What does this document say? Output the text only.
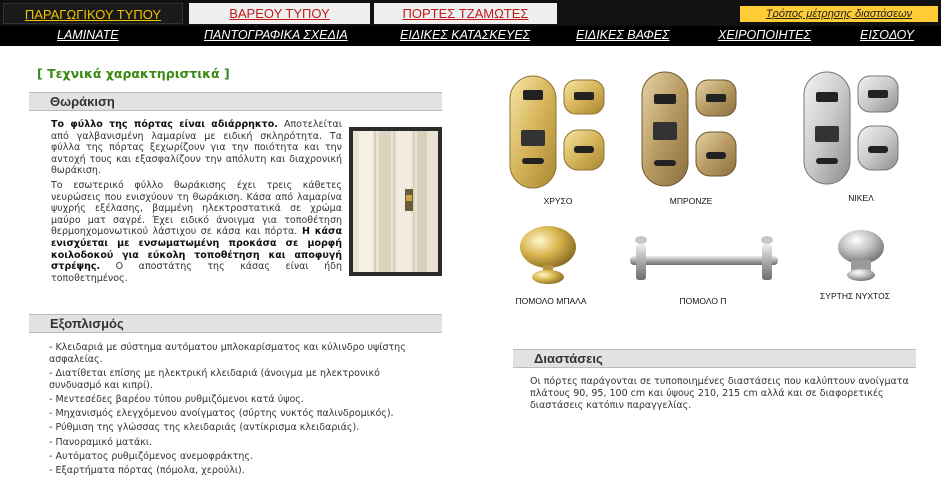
ΠΑΡΑΓΩΓΙΚΟΥ ΤΥΠΟΥ	ΒΑΡΕΟΥ ΤΥΠΟΥ	ΠΟΡΤΕΣ ΤΖΑΜΩΤΕΣ	Τρόπος μέτρησης διαστάσεων
LAMINATE	ΠΑΝΤΟΓΡΑΦΙΚΑ ΣΧΕΔΙΑ	ΕΙΔΙΚΕΣ ΚΑΤΑΣΚΕΥΕΣ	ΕΙΔΙΚΕΣ ΒΑΦΕΣ	ΧΕΙΡΟΠΟΙΗΤΕΣ	ΕΙΣΟΔΟΥ
[ Τεχνικά χαρακτηριστικά ]
Θωράκιση
Το φύλλο της πόρτας είναι αδιάρρηκτο. Αποτελείται από γαλβανισμένη λαμαρίνα με ειδική σκληρότητα. Τα φύλλα της πόρτας ξεχωρίζουν για την ποιότητα και την αντοχή τους και εξασφαλίζουν την απόλυτη και διαχρονική θωράκιση.
Το εσωτερικό φύλλο θωράκισης έχει τρεις κάθετες νευρώσεις που ενισχύουν τη θωράκιση. Κάσα από λαμαρίνα ψυχρής εξέλασης, βαμμένη ηλεκτροστατικά σε χρώμα μαύρο ματ σαγρέ. Έχει ειδικό άνοιγμα για τοποθέτηση θερμοηχομονωτικού λάστιχου σε κάσα και πόρτα. Η κάσα ενισχύεται με ενσωματωμένη προκάσα σε μορφή κοιλοδοκού για εύκολη τοποθέτηση και αποφυγή στρέψης. Ο αποστάτης της κάσας είναι ήδη τοποθετημένος.
Εξοπλισμός
- Κλειδαριά με σύστημα αυτόματου μπλοκαρίσματος και κύλινδρο υψίστης ασφαλείας.
- Διατίθεται επίσης με ηλεκτρική κλειδαριά (άνοιγμα με ηλεκτρονικό συνδυασμό και κιπρί).
- Μεντεσέδες βαρέου τύπου ρυθμιζόμενοι κατά ύψος.
- Μηχανισμός ελεγχόμενου ανοίγματος (σύρτης νυκτός παλινδρομικός).
- Ρύθμιση της γλώσσας της κλειδαριάς (αντίκρισμα κλειδαριάς).
- Πανοραμικό ματάκι.
- Αυτόματος ρυθμιζόμενος ανεμοφράκτης.
- Εξαρτήματα πόρτας (πόμολα, χερούλι).
ΧΡΥΣΟ	ΜΠΡΟΝΖΕ	ΝΙΚΕΛ
ΠΟΜΟΛΟ ΜΠΑΛΑ	ΠΟΜΟΛΟ Π	ΣΥΡΤΗΣ ΝΥΧΤΟΣ
Διαστάσεις
Οι πόρτες παράγονται σε τυποποιημένες διαστάσεις που καλύπτουν ανοίγματα πλάτους 90, 95, 100 cm και ύψους 210, 215 cm αλλά και σε διαφορετικές διαστάσεις κατόπιν παραγγελίας.
